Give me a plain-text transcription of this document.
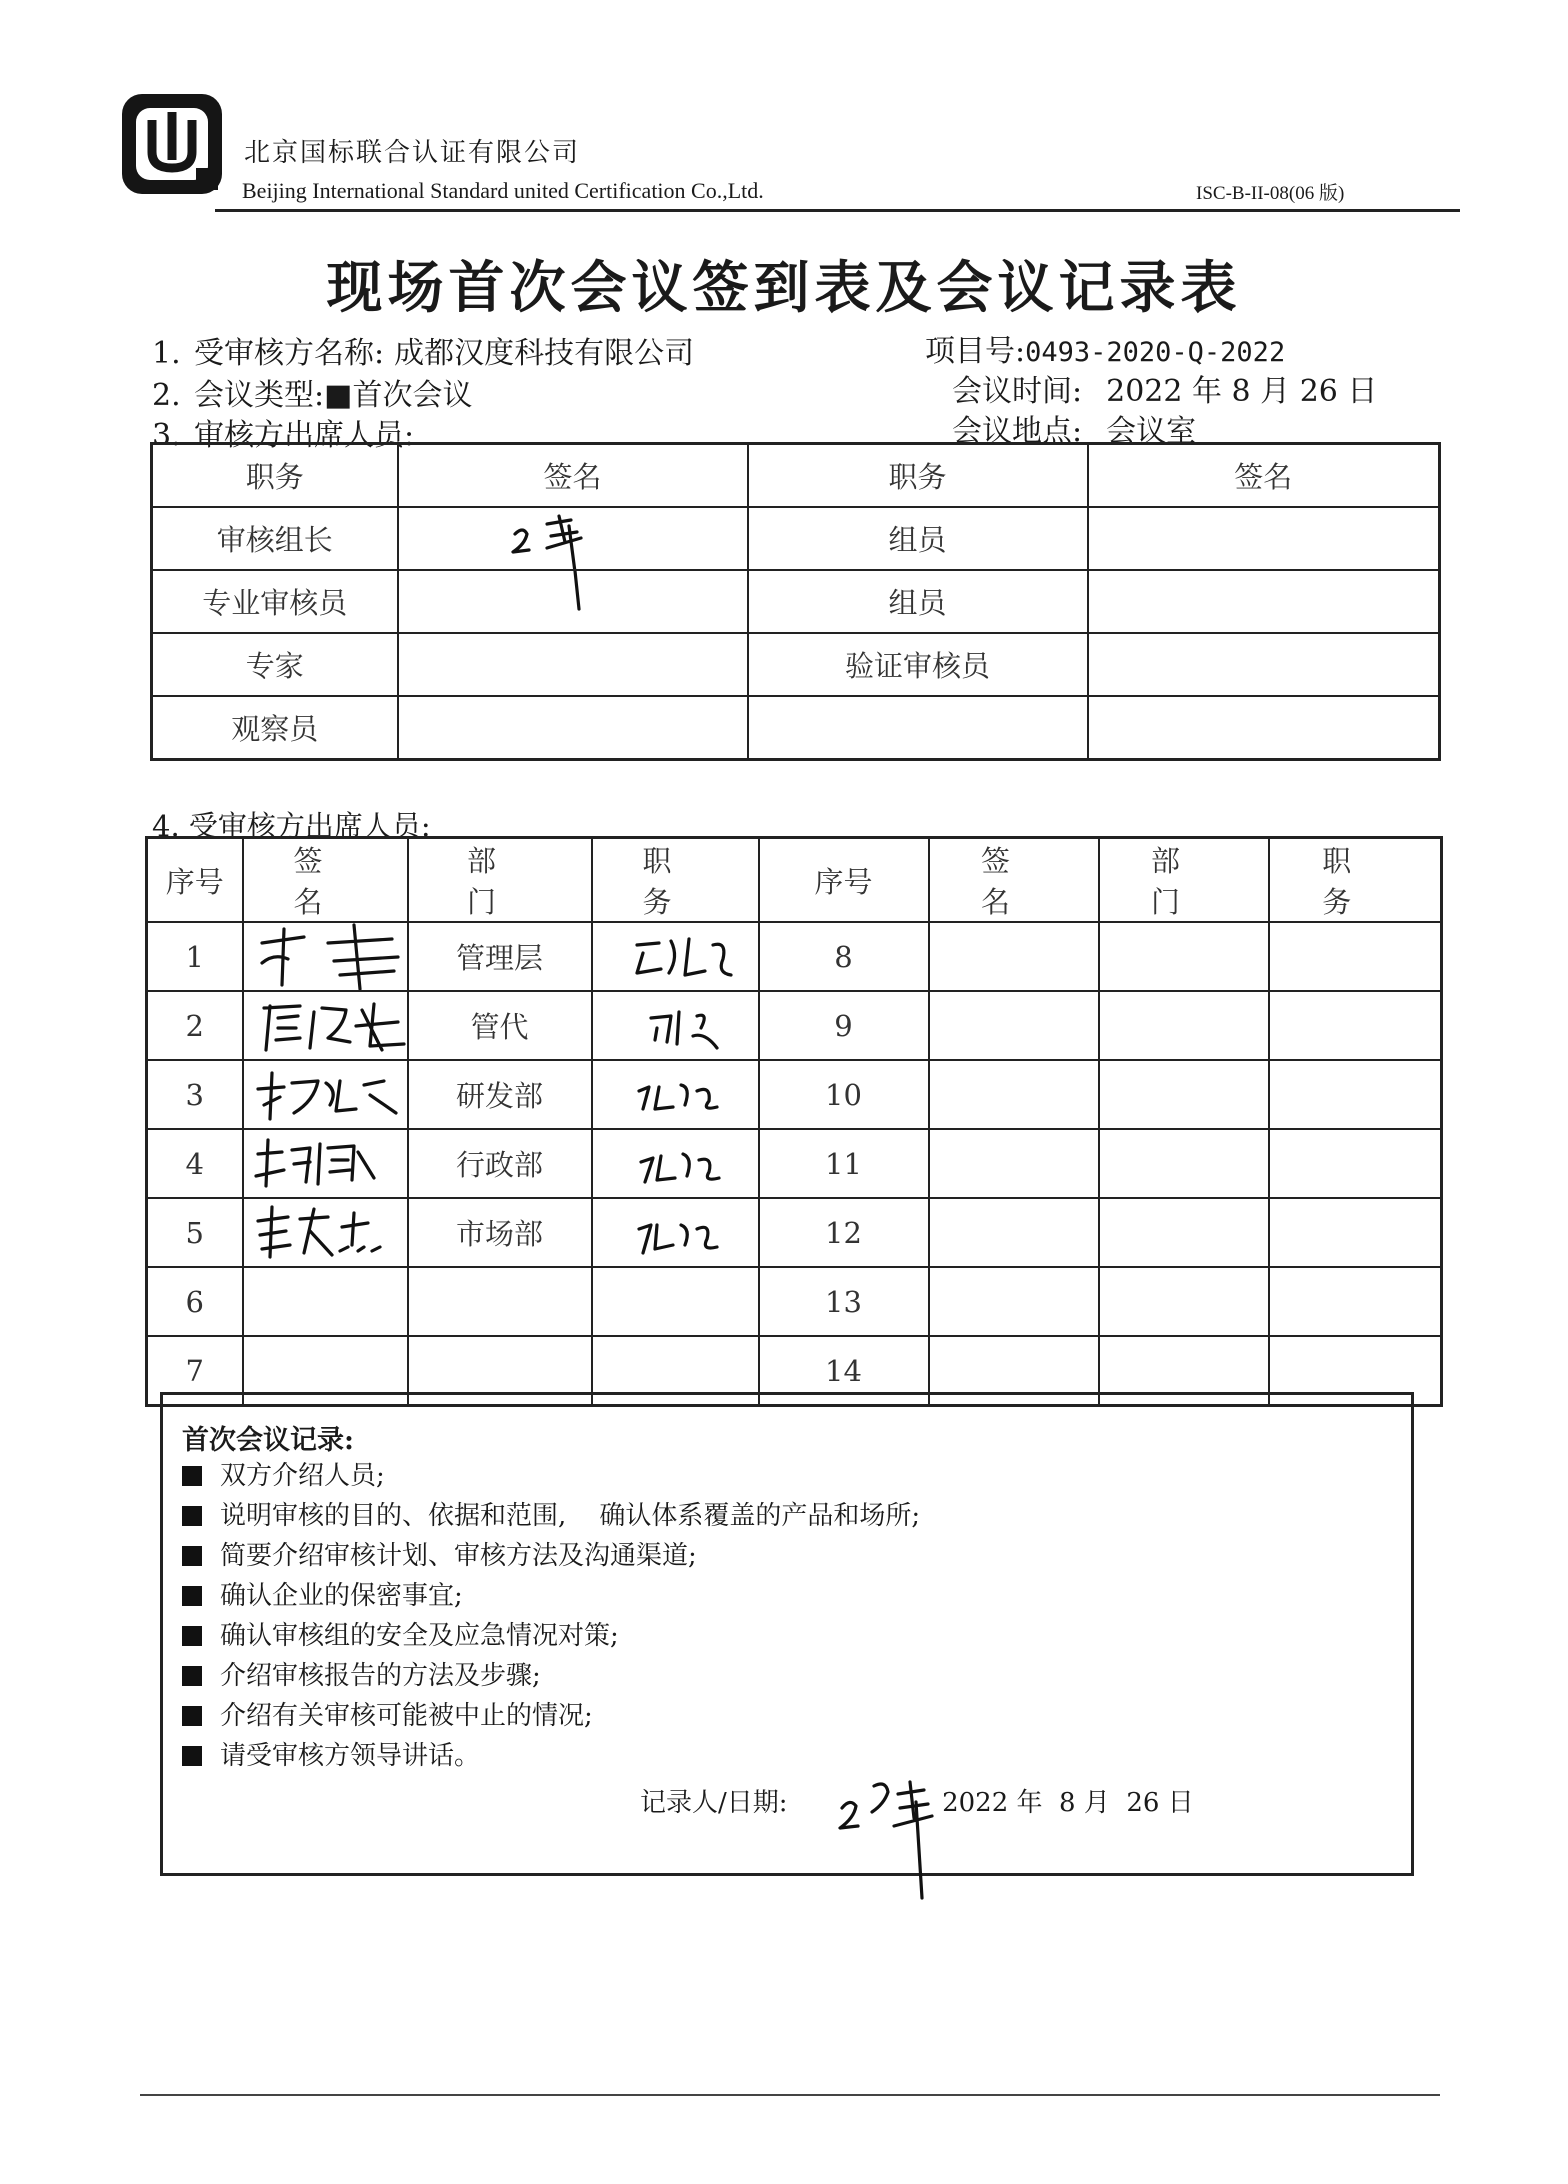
北京国标联合认证有限公司
Beijing International Standard united Certification Co.,Ltd.	ISC-B-II-08(06 版)
现场首次会议签到表及会议记录表
1. 受审核方名称: 成都汉度科技有限公司	项目号:0493-2020-Q-2022
2. 会议类型:■首次会议	会议时间: 2022 年 8 月 26 日
3. 审核方出席人员:	会议地点: 会议室
职务	签名	职务	签名
审核组长		组员	
专业审核员		组员	
专家		验证审核员	
观察员			
4. 受审核方出席人员:
序号	签名	部门	职务	序号	签名	部门	职务

1		管理层		8			
2		管代		9			
3		研发部		10			
4		行政部		11			
5		市场部		12			
6				13			
7				14			
首次会议记录:
双方介绍人员;
说明审核的目的、依据和范围,    确认体系覆盖的产品和场所;
简要介绍审核计划、审核方法及沟通渠道;
确认企业的保密事宜;
确认审核组的安全及应急情况对策;
介绍审核报告的方法及步骤;
介绍有关审核可能被中止的情况;
请受审核方领导讲话。
记录人/日期:	2022 年  8 月  26 日
